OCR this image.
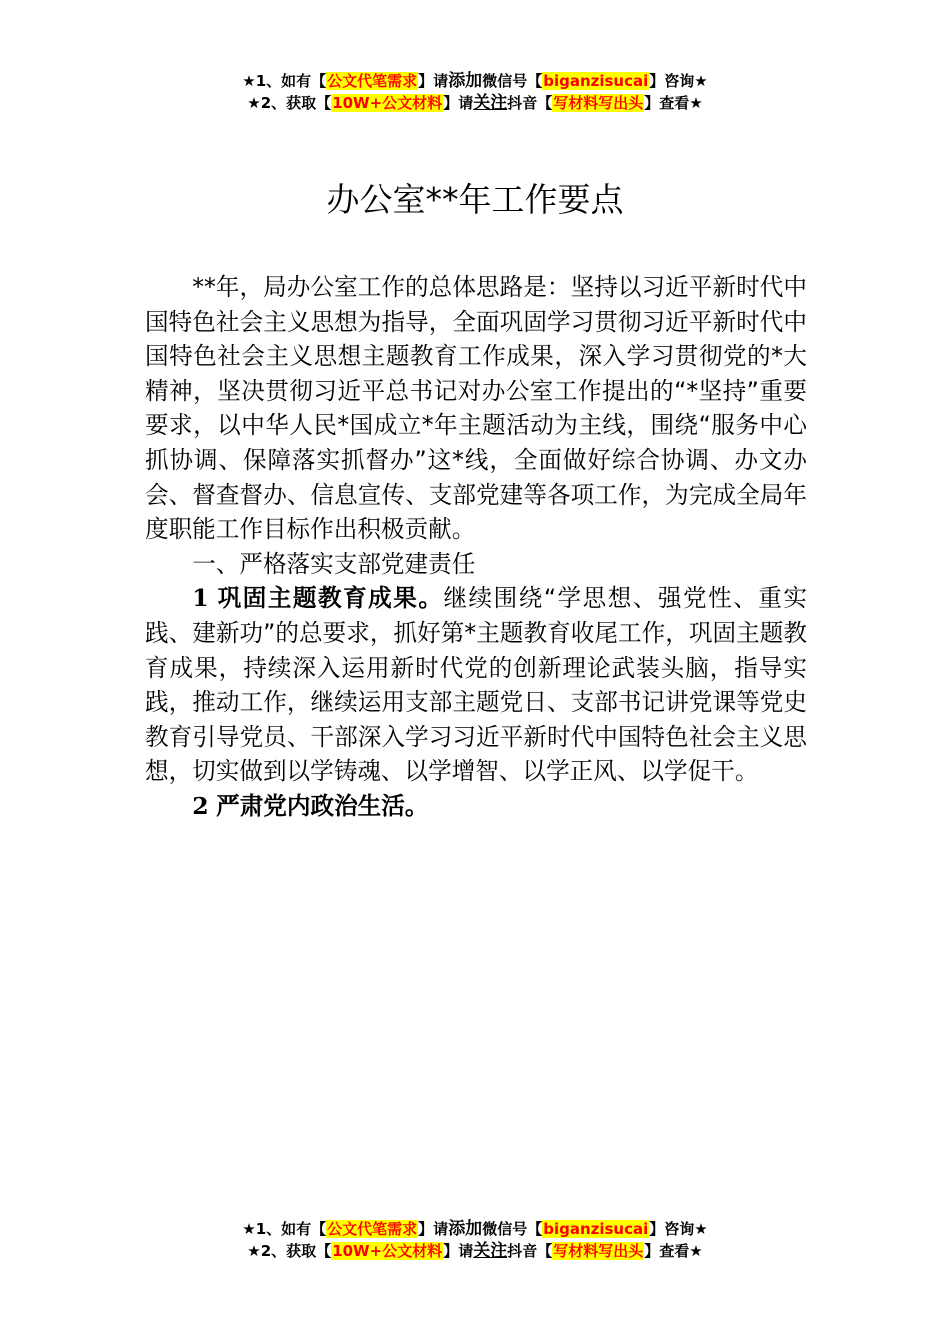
★1、如有【公文代笔需求】请添加微信号【biganzisucai】咨询★
★2、获取【10W+公文材料】请关注抖音【写材料写出头】查看★
办公室**年工作要点

**年，局办公室工作的总体思路是：坚持以习近平新时代中国特色社会主义思想为指导，全面巩固学习贯彻习近平新时代中国特色社会主义思想主题教育工作成果，深入学习贯彻党的*大精神，坚决贯彻习近平总书记对办公室工作提出的“*坚持”重要要求，以中华人民*国成立*年主题活动为主线，围绕“服务中心抓协调、保障落实抓督办”这*线，全面做好综合协调、办文办会、督查督办、信息宣传、支部党建等各项工作，为完成全局年度职能工作目标作出积极贡献。

一、严格落实支部党建责任

1 巩固主题教育成果。继续围绕“学思想、强党性、重实践、建新功”的总要求，抓好第*主题教育收尾工作，巩固主题教育成果，持续深入运用新时代党的创新理论武装头脑，指导实践，推动工作，继续运用支部主题党日、支部书记讲党课等党史教育引导党员、干部深入学习习近平新时代中国特色社会主义思想，切实做到以学铸魂、以学增智、以学正风、以学促干。

2 严肃党内政治生活。

★1、如有【公文代笔需求】请添加微信号【biganzisucai】咨询★
★2、获取【10W+公文材料】请关注抖音【写材料写出头】查看★
